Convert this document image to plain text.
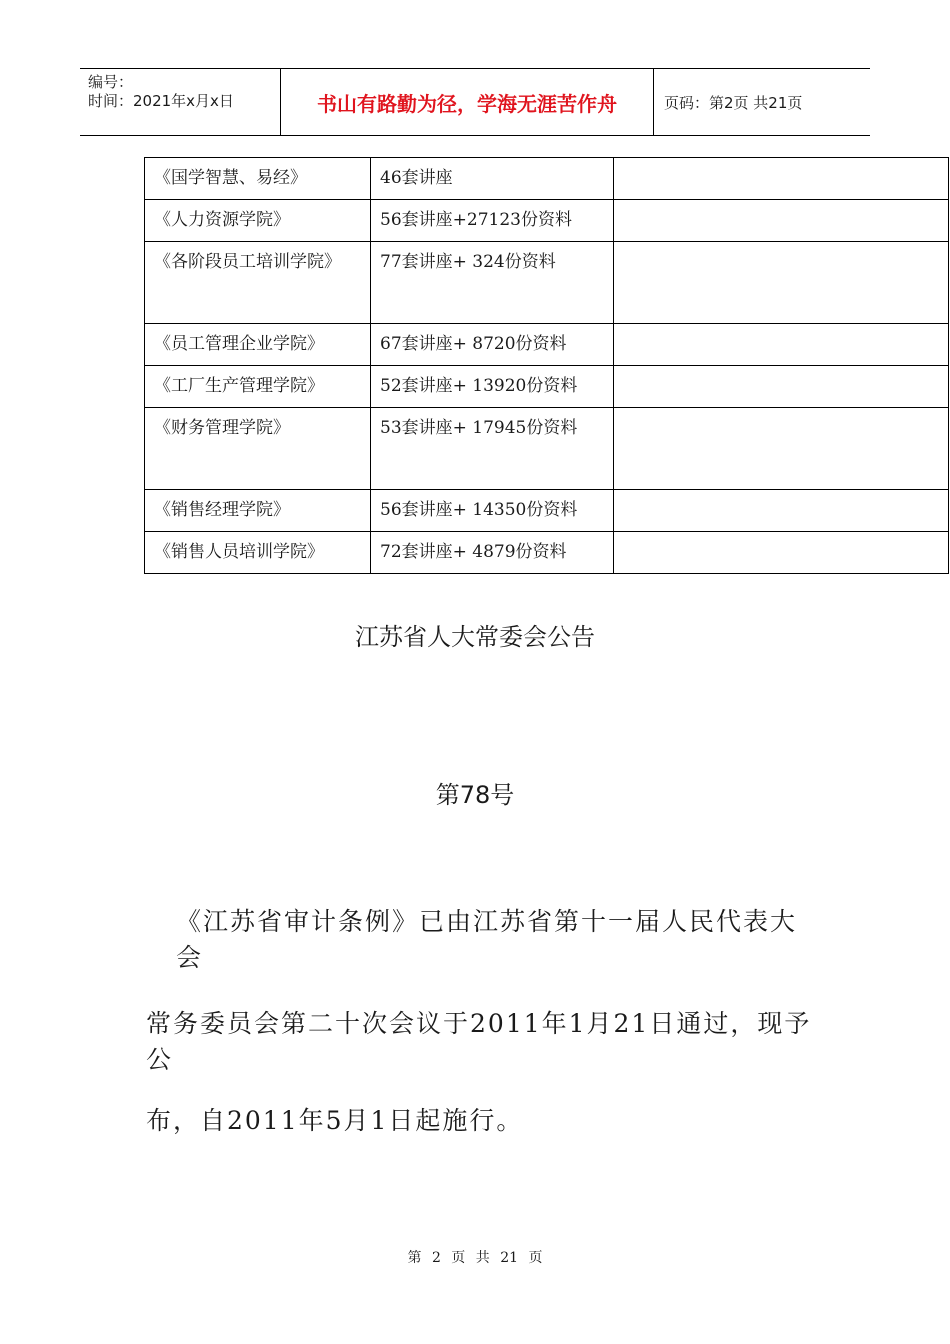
编号：
时间：2021年x月x日	书山有路勤为径，学海无涯苦作舟	页码：第2页 共21页
《国学智慧、易经》	46套讲座	
《人力资源学院》	56套讲座+27123份资料	
《各阶段员工培训学院》	77套讲座+ 324份资料	
《员工管理企业学院》	67套讲座+ 8720份资料	
《工厂生产管理学院》	52套讲座+ 13920份资料	
《财务管理学院》	53套讲座+ 17945份资料	
《销售经理学院》	56套讲座+ 14350份资料	
《销售人员培训学院》	72套讲座+ 4879份资料	
江苏省人大常委会公告
第78号
《江苏省审计条例》已由江苏省第十一届人民代表大会
常务委员会第二十次会议于2011年1月21日通过，现予公
布，自2011年5月1日起施行。
第 2 页 共 21 页
